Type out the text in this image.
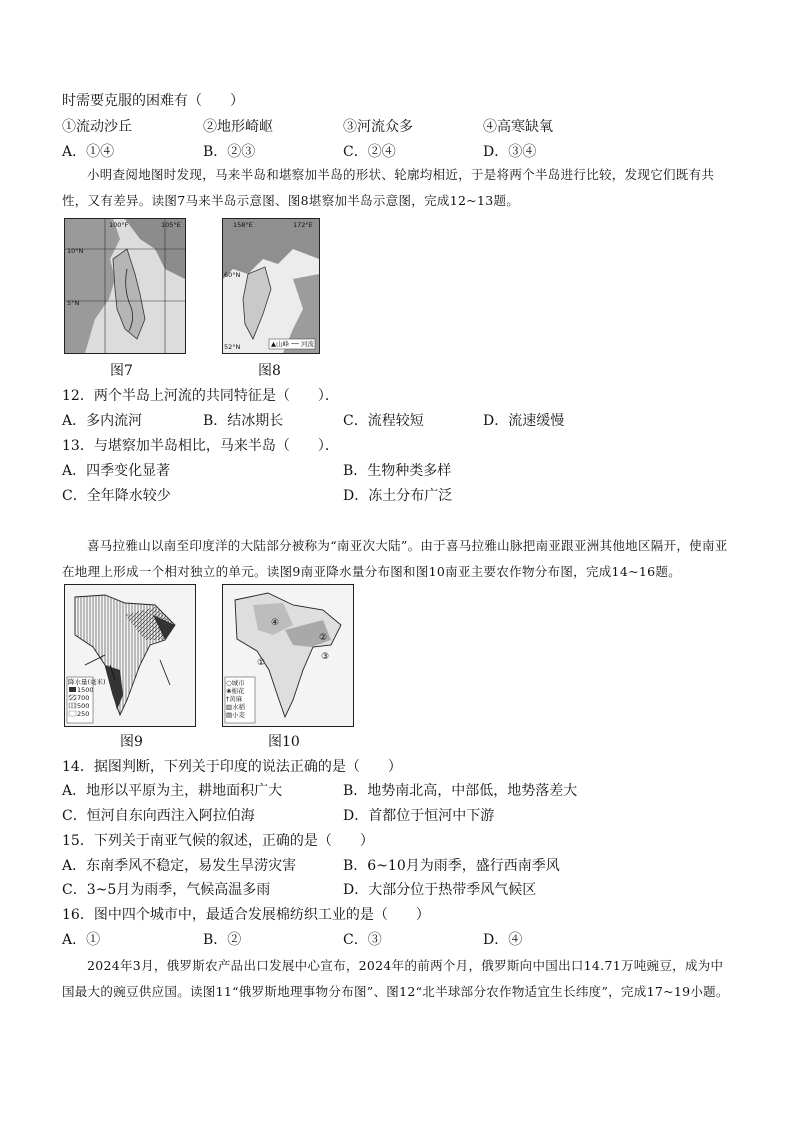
时需要克服的困难有（　　）
①流动沙丘	②地形崎岖	③河流众多	④高寒缺氧
A．①④	B．②③	C．②④	D．③④
小明查阅地图时发现，马来半岛和堪察加半岛的形状、轮廓均相近，于是将两个半岛进行比较，发现它们既有共性，又有差异。读图7马来半岛示意图、图8堪察加半岛示意图，完成12~13题。
100°F	105°E
10°N
5°N
图7
158°E	172°E
60°N
52°N	▲山峰 ── 河流
图8
12．两个半岛上河流的共同特征是（　　）．
A．多内流河	B．结冰期长	C．流程较短	D．流速缓慢
13．与堪察加半岛相比，马来半岛（　　）．
A．四季变化显著	B．生物种类多样
C．全年降水较少	D．冻土分布广泛
喜马拉雅山以南至印度洋的大陆部分被称为“南亚次大陆”。由于喜马拉雅山脉把南亚跟亚洲其他地区隔开，使南亚在地理上形成一个相对独立的单元。读图9南亚降水量分布图和图10南亚主要农作物分布图，完成14~16题。
降水量(毫米)
1500
700
500
250
图9
④
②
③
①
○城市
❀棉花
†黄麻
▥水稻
▤小麦
图10
14．据图判断，下列关于印度的说法正确的是（　　）
A．地形以平原为主，耕地面积广大	B．地势南北高，中部低，地势落差大
C．恒河自东向西注入阿拉伯海	D．首都位于恒河中下游
15．下列关于南亚气候的叙述，正确的是（　　）
A．东南季风不稳定，易发生旱涝灾害	B．6~10月为雨季，盛行西南季风
C．3~5月为雨季，气候高温多雨	D．大部分位于热带季风气候区
16．图中四个城市中，最适合发展棉纺织工业的是（　　）
A．①	B．②	C．③	D．④
2024年3月，俄罗斯农产品出口发展中心宣布，2024年的前两个月，俄罗斯向中国出口14.71万吨豌豆，成为中国最大的豌豆供应国。读图11“俄罗斯地理事物分布图”、图12“北半球部分农作物适宜生长纬度”，完成17~19小题。
